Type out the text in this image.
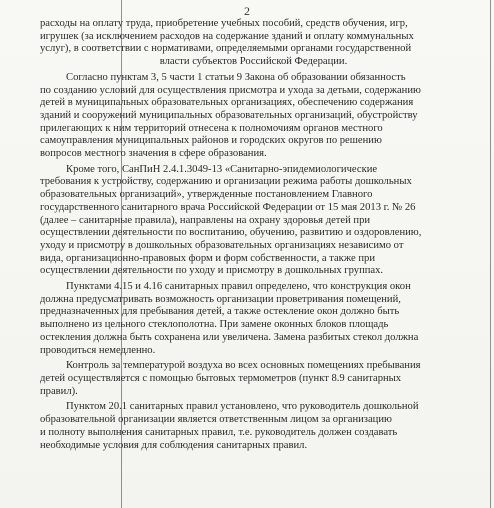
2
расходы на оплату труда, приобретение учебных пособий, средств обучения, игр,
игрушек (за исключением расходов на содержание зданий и оплату коммунальных
услуг), в соответствии с нормативами, определяемыми органами государственной
власти субъектов Российской Федерации.
Согласно пунктам 3, 5 части 1 статьи 9 Закона об образовании обязанность
по созданию условий для осуществления присмотра и ухода за детьми, содержанию
детей в муниципальных образовательных организациях, обеспечению содержания
зданий и сооружений муниципальных образовательных организаций, обустройству
прилегающих к ним территорий отнесена к полномочиям органов местного
самоуправления муниципальных районов и городских округов по решению
вопросов местного значения в сфере образования.
Кроме того, СанПиН 2.4.1.3049-13 «Санитарно-эпидемиологические
требования к устройству, содержанию и организации режима работы дошкольных
образовательных организаций», утвержденные постановлением Главного
государственного санитарного врача Российской Федерации от 15 мая 2013 г. № 26
(далее – санитарные правила), направлены на охрану здоровья детей при
осуществлении деятельности по воспитанию, обучению, развитию и оздоровлению,
уходу и присмотру в дошкольных образовательных организациях независимо от
вида, организационно-правовых форм и форм собственности, а также при
осуществлении деятельности по уходу и присмотру в дошкольных группах.
Пунктами 4.15 и 4.16 санитарных правил определено, что конструкция окон
должна предусматривать возможность организации проветривания помещений,
предназначенных для пребывания детей, а также остекление окон должно быть
выполнено из цельного стеклополотна. При замене оконных блоков площадь
остекления должна быть сохранена или увеличена. Замена разбитых стекол должна
проводиться немедленно.
Контроль за температурой воздуха во всех основных помещениях пребывания
детей осуществляется с помощью бытовых термометров (пункт 8.9 санитарных
правил).
Пунктом 20.1 санитарных правил установлено, что руководитель дошкольной
образовательной организации является ответственным лицом за организацию
и полноту выполнения санитарных правил, т.е. руководитель должен создавать
необходимые условия для соблюдения санитарных правил.
